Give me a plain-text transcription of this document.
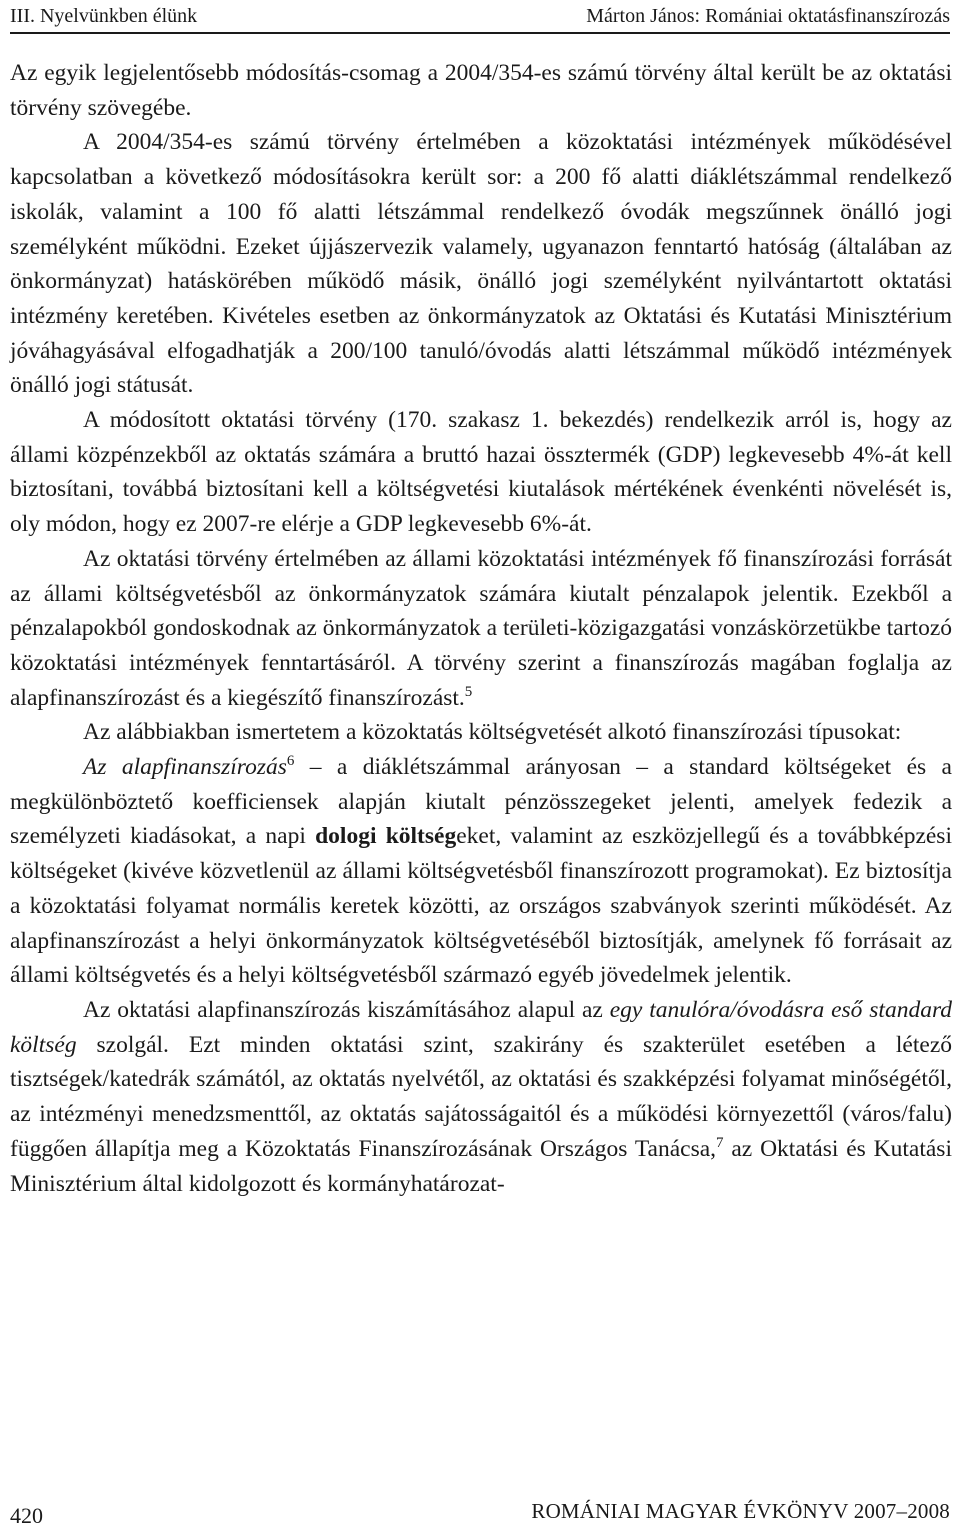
III. Nyelvünkben élünk	Márton János: Romániai oktatásfinanszírozás

Az egyik legjelentősebb módosítás-csomag a 2004/354-es számú törvény által került be az oktatási törvény szövegébe.

A 2004/354-es számú törvény értelmében a közoktatási intézmények működésével kapcsolatban a következő módosításokra került sor: a 200 fő alatti diáklétszámmal rendelkező iskolák, valamint a 100 fő alatti létszámmal rendelkező óvodák megszűnnek önálló jogi személyként működni. Ezeket újjászervezik valamely, ugyanazon fenntartó hatóság (általában az önkormányzat) hatáskörében működő másik, önálló jogi személyként nyilvántartott oktatási intézmény keretében. Kivételes esetben az önkormányzatok az Oktatási és Kutatási Minisztérium jóváhagyásával elfogadhatják a 200/100 tanuló/óvodás alatti létszámmal működő intézmények önálló jogi státusát.

A módosított oktatási törvény (170. szakasz 1. bekezdés) rendelkezik arról is, hogy az állami közpénzekből az oktatás számára a bruttó hazai össztermék (GDP) legkevesebb 4%-át kell biztosítani, továbbá biztosítani kell a költségvetési kiutalások mértékének évenkénti növelését is, oly módon, hogy ez 2007-re elérje a GDP legkevesebb 6%-át.

Az oktatási törvény értelmében az állami közoktatási intézmények fő finanszírozási forrását az állami költségvetésből az önkormányzatok számára kiutalt pénzalapok jelentik. Ezekből a pénzalapokból gondoskodnak az önkormányzatok a területi-közigazgatási vonzáskörzetükbe tartozó közoktatási intézmények fenntartásáról. A törvény szerint a finanszírozás magában foglalja az alapfinanszírozást és a kiegészítő finanszírozást.$^5$

Az alábbiakban ismertetem a közoktatás költségvetését alkotó finanszírozási típusokat:

Az alapfinanszírozás$^6$ – a diáklétszámmal arányosan – a standard költségeket és a megkülönböztető koefficiensek alapján kiutalt pénzösszegeket jelenti, amelyek fedezik a személyzeti kiadásokat, a napi dologi költségeket, valamint az eszközjellegű és a továbbképzési költségeket (kivéve közvetlenül az állami költségvetésből finanszírozott programokat). Ez biztosítja a közoktatási folyamat normális keretek közötti, az országos szabványok szerinti működését. Az alapfinanszírozást a helyi önkormányzatok költségvetéséből biztosítják, amelynek fő forrásait az állami költségvetés és a helyi költségvetésből származó egyéb jövedelmek jelentik.

Az oktatási alapfinanszírozás kiszámításához alapul az egy tanulóra/óvodásra eső standard költség szolgál. Ezt minden oktatási szint, szakirány és szakterület esetében a létező tisztségek/katedrák számától, az oktatás nyelvétől, az oktatási és szakképzési folyamat minőségétől, az intézményi menedzsmenttől, az oktatás sajátosságaitól és a működési környezettől (város/falu) függően állapítja meg a Közoktatás Finanszírozásának Országos Tanácsa,$^7$ az Oktatási és Kutatási Minisztérium által kidolgozott és kormányhatározat-

420	ROMÁNIAI MAGYAR ÉVKÖNYV 2007–2008
